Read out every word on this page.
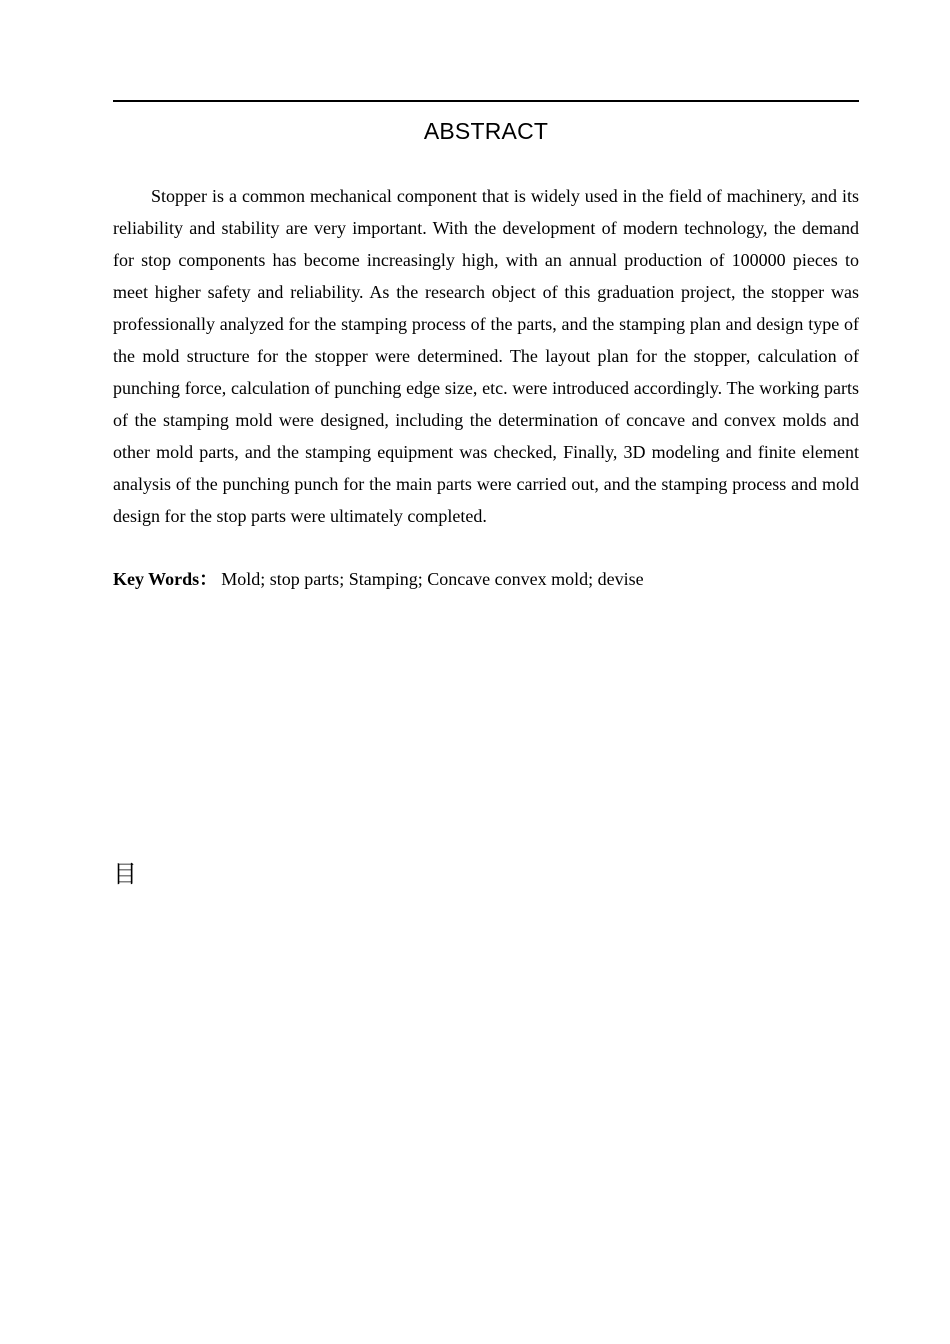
ABSTRACT

Stopper is a common mechanical component that is widely used in the field of machinery, and its reliability and stability are very important. With the development of modern technology, the demand for stop components has become increasingly high, with an annual production of 100000 pieces to meet higher safety and reliability. As the research object of this graduation project, the stopper was professionally analyzed for the stamping process of the parts, and the stamping plan and design type of the mold structure for the stopper were determined. The layout plan for the stopper, calculation of punching force, calculation of punching edge size, etc. were introduced accordingly. The working parts of the stamping mold were designed, including the determination of concave and convex molds and other mold parts, and the stamping equipment was checked, Finally, 3D modeling and finite element analysis of the punching punch for the main parts were carried out, and the stamping process and mold design for the stop parts were ultimately completed.

Key Words： Mold; stop parts; Stamping; Concave convex mold; devise
目
